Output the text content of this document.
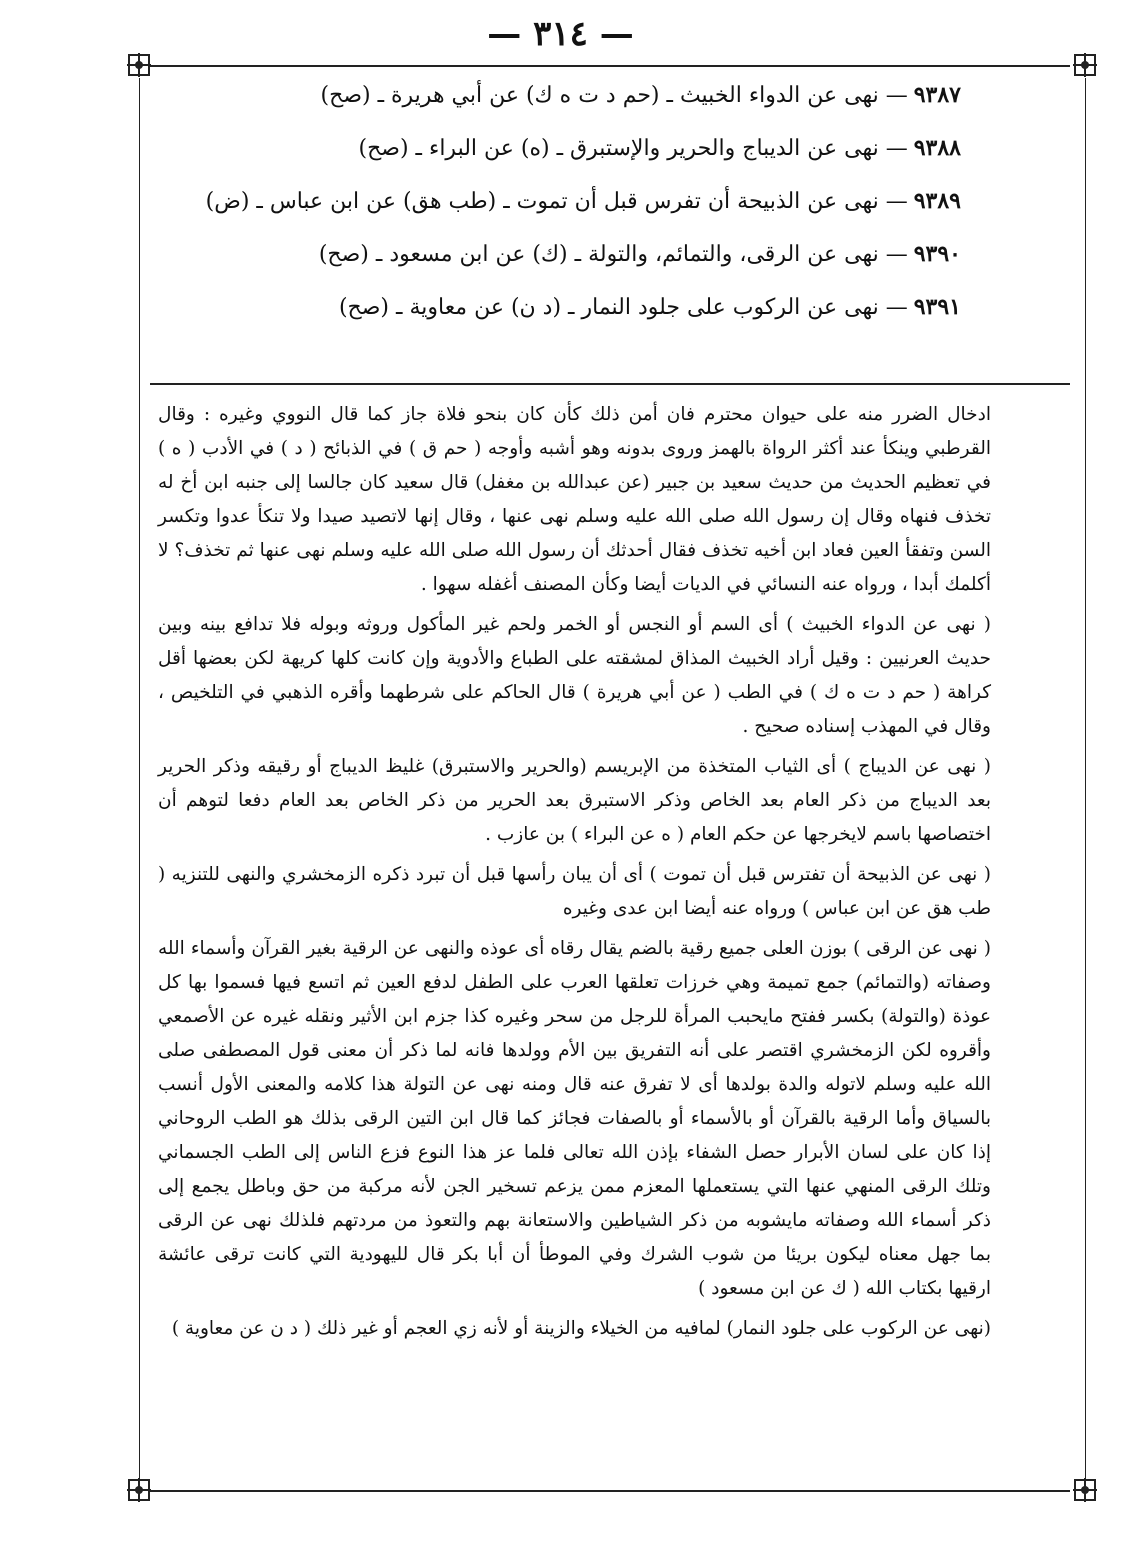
— ٣١٤ —
٩٣٨٧— نهى عن الدواء الخبيث ـ (حم د ت ه ك) عن أبي هريرة ـ (صح)
٩٣٨٨— نهى عن الديباج والحرير والإستبرق ـ (ه) عن البراء ـ (صح)
٩٣٨٩— نهى عن الذبيحة أن تفرس قبل أن تموت ـ (طب هق) عن ابن عباس ـ (ض)
٩٣٩٠— نهى عن الرقى، والتمائم، والتولة ـ (ك) عن ابن مسعود ـ (صح)
٩٣٩١— نهى عن الركوب على جلود النمار ـ (د ن) عن معاوية ـ (صح)

ادخال الضرر منه على حيوان محترم فان أمن ذلك كأن كان بنحو فلاة جاز كما قال النووي وغيره : وقال القرطبي وينكأ عند أكثر الرواة بالهمز وروى بدونه وهو أشبه وأوجه ( حم ق ) في الذبائح ( د ) في الأدب ( ه ) في تعظيم الحديث من حديث سعيد بن جبير (عن عبدالله بن مغفل) قال سعيد كان جالسا إلى جنبه ابن أخ له تخذف فنهاه وقال إن رسول الله صلى الله عليه وسلم نهى عنها ، وقال إنها لاتصيد صيدا ولا تنكأ عدوا وتكسر السن وتفقأ العين فعاد ابن أخيه تخذف فقال أحدثك أن رسول الله صلى الله عليه وسلم نهى عنها ثم تخذف؟ لا أكلمك أبدا ، ورواه عنه النسائي في الديات أيضا وكأن المصنف أغفله سهوا .

( نهى عن الدواء الخبيث ) أى السم أو النجس أو الخمر ولحم غير المأكول وروثه وبوله فلا تدافع بينه وبين حديث العرنيين : وقيل أراد الخبيث المذاق لمشقته على الطباع والأدوية وإن كانت كلها كريهة لكن بعضها أقل كراهة ( حم د ت ه ك ) في الطب ( عن أبي هريرة ) قال الحاكم على شرطهما وأقره الذهبي في التلخيص ، وقال في المهذب إسناده صحيح .

( نهى عن الديباج ) أى الثياب المتخذة من الإبريسم (والحرير والاستبرق) غليظ الديباج أو رقيقه وذكر الحرير بعد الديباج من ذكر العام بعد الخاص وذكر الاستبرق بعد الحرير من ذكر الخاص بعد العام دفعا لتوهم أن اختصاصها باسم لايخرجها عن حكم العام ( ه عن البراء ) بن عازب .

( نهى عن الذبيحة أن تفترس قبل أن تموت ) أى أن يبان رأسها قبل أن تبرد ذكره الزمخشري والنهى للتنزيه ( طب هق عن ابن عباس ) ورواه عنه أيضا ابن عدى وغيره

( نهى عن الرقى ) بوزن العلى جميع رقية بالضم يقال رقاه أى عوذه والنهى عن الرقية بغير القرآن وأسماء الله وصفاته (والتمائم) جمع تميمة وهي خرزات تعلقها العرب على الطفل لدفع العين ثم اتسع فيها فسموا بها كل عوذة (والتولة) بكسر ففتح مايحبب المرأة للرجل من سحر وغيره كذا جزم ابن الأثير ونقله غيره عن الأصمعي وأقروه لكن الزمخشري اقتصر على أنه التفريق بين الأم وولدها فانه لما ذكر أن معنى قول المصطفى صلى الله عليه وسلم لاتوله والدة بولدها أى لا تفرق عنه قال ومنه نهى عن التولة هذا كلامه والمعنى الأول أنسب بالسياق وأما الرقية بالقرآن أو بالأسماء أو بالصفات فجائز كما قال ابن التين الرقى بذلك هو الطب الروحاني إذا كان على لسان الأبرار حصل الشفاء بإذن الله تعالى فلما عز هذا النوع فزع الناس إلى الطب الجسماني وتلك الرقى المنهي عنها التي يستعملها المعزم ممن يزعم تسخير الجن لأنه مركبة من حق وباطل يجمع إلى ذكر أسماء الله وصفاته مايشوبه من ذكر الشياطين والاستعانة بهم والتعوذ من مردتهم فلذلك نهى عن الرقى بما جهل معناه ليكون بريئا من شوب الشرك وفي الموطأ أن أبا بكر قال لليهودية التي كانت ترقى عائشة ارقيها بكتاب الله ( ك عن ابن مسعود )

(نهى عن الركوب على جلود النمار) لمافيه من الخيلاء والزينة أو لأنه زي العجم أو غير ذلك ( د ن عن معاوية )
